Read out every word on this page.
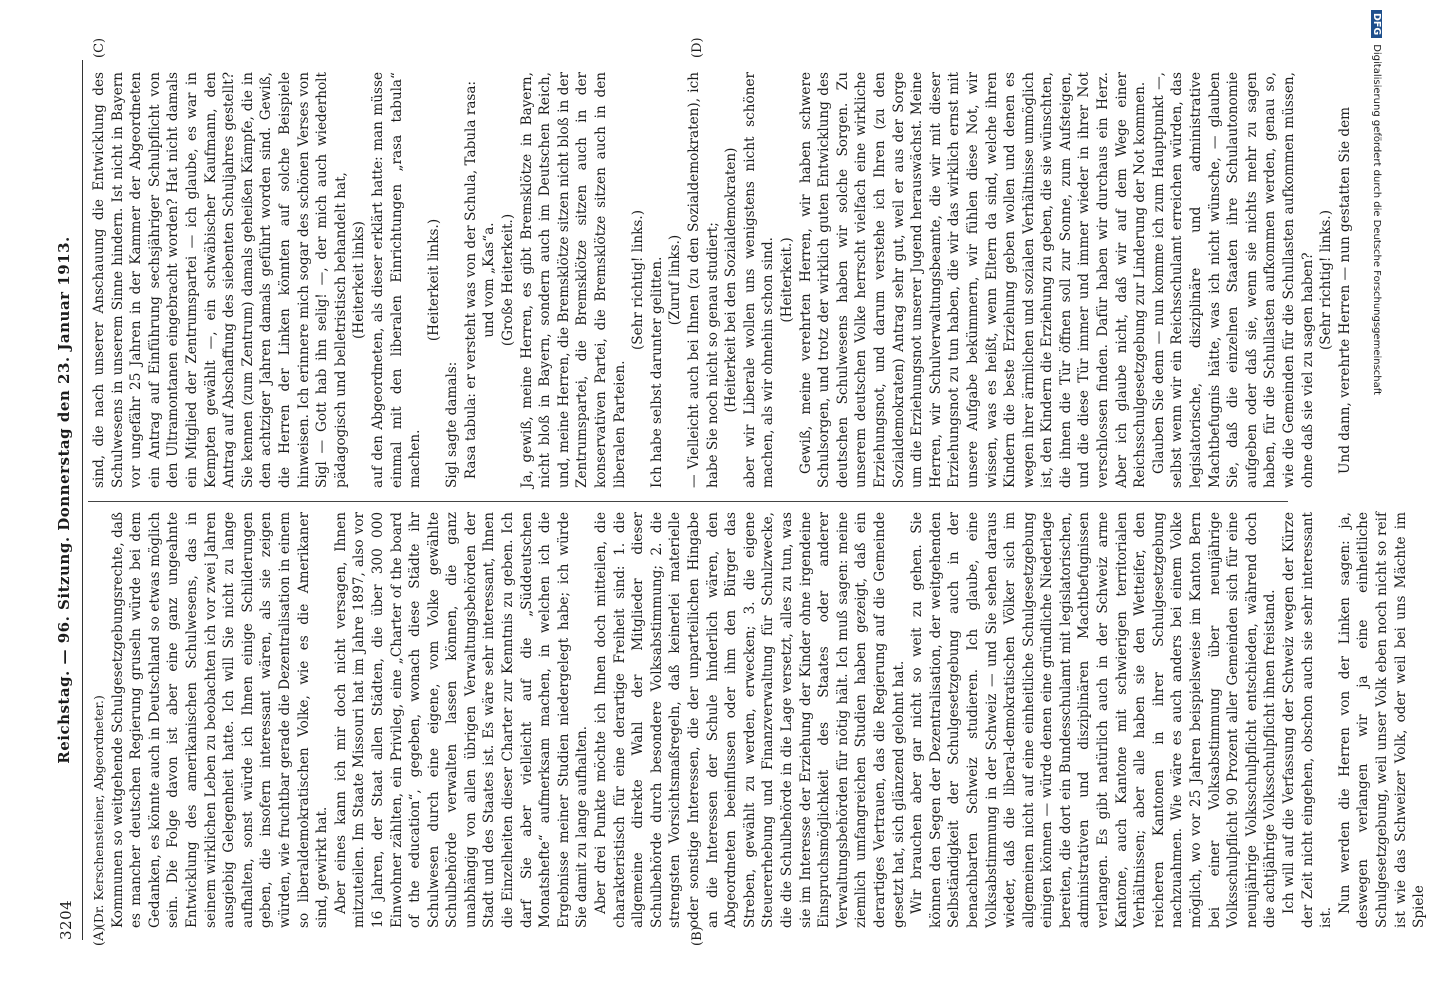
3204
Reichstag. — 96. Sitzung. Donnerstag den 23. Januar 1913.
(A)	(B)
(C)	(D)

(Dr. Kerschensteiner, Abgeordneter.) Kommunen so weitgehende Schulgesetzgebungsrechte, daß es mancher deutschen Regierung gruseln würde bei dem Gedanken, es könnte auch in Deutschland so etwas möglich sein. Die Folge davon ist aber eine ganz ungeahnte Entwicklung des amerikanischen Schulwesens, das in seinem wirklichen Leben zu beobachten ich vor zwei Jahren ausgiebig Gelegenheit hatte. Ich will Sie nicht zu lange aufhalten, sonst würde ich Ihnen einige Schilderungen geben, die insofern interessant wären, als sie zeigen würden, wie fruchtbar gerade die Dezentralisation in einem so liberaldemokratischen Volke, wie es die Amerikaner sind, gewirkt hat. Aber eines kann ich mir doch nicht versagen, Ihnen mitzuteilen. Im Staate Missouri hat im Jahre 1897, also vor 16 Jahren, der Staat allen Städten, die über 300 000 Einwohner zählten, ein Privileg, eine „Charter of the board of the education“, gegeben, wonach diese Städte ihr Schulwesen durch eine eigene, vom Volke gewählte Schulbehörde verwalten lassen können, die ganz unabhängig von allen übrigen Verwaltungsbehörden der Stadt und des Staates ist. Es wäre sehr interessant, Ihnen die Einzelheiten dieser Charter zur Kenntnis zu geben. Ich darf Sie aber vielleicht auf die „Süddeutschen Monatshefte“ aufmerksam machen, in welchen ich die Ergebnisse meiner Studien niedergelegt habe; ich würde Sie damit zu lange aufhalten. Aber drei Punkte möchte ich Ihnen doch mitteilen, die charakteristisch für eine derartige Freiheit sind: 1. die allgemeine direkte Wahl der Mitglieder dieser Schulbehörde durch besondere Volksabstimmung; 2. die strengsten Vorsichtsmaßregeln, daß keinerlei materielle oder sonstige Interessen, die der unparteilichen Hingabe an die Interessen der Schule hinderlich wären, den Abgeordneten beeinflussen oder ihm den Bürger das Streben, gewählt zu werden, erwecken; 3. die eigene Steuererhebung und Finanzverwaltung für Schulzwecke, die die Schulbehörde in die Lage versetzt, alles zu tun, was sie im Interesse der Erziehung der Kinder ohne irgendeine Einspruchsmöglichkeit des Staates oder anderer Verwaltungsbehörden für nötig hält. Ich muß sagen: meine ziemlich umfangreichen Studien haben gezeigt, daß ein derartiges Vertrauen, das die Regierung auf die Gemeinde gesetzt hat, sich glänzend gelohnt hat. Wir brauchen aber gar nicht so weit zu gehen. Sie können den Segen der Dezentralisation, der weitgehenden Selbständigkeit der Schulgesetzgebung auch in der benachbarten Schweiz studieren. Ich glaube, eine Volksabstimmung in der Schweiz — und Sie sehen daraus wieder, daß die liberal-demokratischen Völker sich im allgemeinen nicht auf eine einheitliche Schulgesetzgebung einigen können — würde denen eine gründliche Niederlage bereiten, die dort ein Bundesschulamt mit legislatorischen, administrativen und disziplinären Machtbefugnissen verlangen. Es gibt natürlich auch in der Schweiz arme Kantone, auch Kantone mit schwierigen territorialen Verhältnissen; aber alle haben sie den Wetteifer, den reicheren Kantonen in ihrer Schulgesetzgebung nachzuahmen. Wie wäre es auch anders bei einem Volke möglich, wo vor 25 Jahren beispielsweise im Kanton Bern bei einer Volksabstimmung über neunjährige Volksschulpflicht 90 Prozent aller Gemeinden sich für eine neunjährige Volksschulpflicht entschieden, während doch die achtjährige Volksschulpflicht ihnen freistand. Ich will auf die Verfassung der Schweiz wegen der Kürze der Zeit nicht eingehen, obschon auch sie sehr interessant ist.

Nun werden die Herren von der Linken sagen: ja, deswegen verlangen wir ja eine einheitliche Schulgesetzgebung, weil unser Volk eben noch nicht so reif ist wie das Schweizer Volk, oder weil bei uns Mächte im Spiele

sind, die nach unserer Anschauung die Entwicklung des Schulwesens in unserem Sinne hindern. Ist nicht in Bayern vor ungefähr 25 Jahren in der Kammer der Abgeordneten ein Antrag auf Einführung sechsjähriger Schulpflicht von den Ultramontanen eingebracht worden? Hat nicht damals ein Mitglied der Zentrumspartei — ich glaube, es war in Kempten gewählt —, ein schwäbischer Kaufmann, den Antrag auf Abschaffung des siebenten Schuljahres gestellt? Sie kennen (zum Zentrum) damals geheißen Kämpfe, die in den achtziger Jahren damals geführt worden sind. Gewiß, die Herren der Linken könnten auf solche Beispiele hinweisen. Ich erinnere mich sogar des schönen Verses von Sigl — Gott hab ihn selig! —, der mich auch wiederholt pädagogisch und belletristisch behandelt hat, (Heiterkeit links) auf den Abgeordneten, als dieser erklärt hatte: man müsse einmal mit den liberalen Einrichtungen „rasa tabula“ machen.

(Heiterkeit links.)

Sigl sagte damals: Rasa tabula: er versteht was von der Schula, Tabula rasa: und vom „Kas“a. (Große Heiterkeit.) Ja, gewiß, meine Herren, es gibt Bremsklötze in Bayern, nicht bloß in Bayern, sondern auch im Deutschen Reich, und, meine Herren, die Bremsklötze sitzen nicht bloß in der Zentrumspartei, die Bremsklötze sitzen auch in der konservativen Partei, die Bremsklötze sitzen auch in den liberalen Parteien.

(Sehr richtig! links.) Ich habe selbst darunter gelitten. (Zuruf links.) — Vielleicht auch bei Ihnen (zu den Sozialdemokraten), ich habe Sie noch nicht so genau studiert; (Heiterkeit bei den Sozialdemokraten) aber wir Liberale wollen uns wenigstens nicht schöner machen, als wir ohnehin schon sind. (Heiterkeit.) Gewiß, meine verehrten Herren, wir haben schwere Schulsorgen, und trotz der wirklich guten Entwicklung des deutschen Schulwesens haben wir solche Sorgen. Zu unserem deutschen Volke herrscht vielfach eine wirkliche Erziehungsnot, und darum verstehe ich Ihren (zu den Sozialdemokraten) Antrag sehr gut, weil er aus der Sorge um die Erziehungsnot unserer Jugend herauswächst. Meine Herren, wir Schulverwaltungsbeamte, die wir mit dieser Erziehungsnot zu tun haben, die wir das wirklich ernst mit unsere Aufgabe bekümmern, wir fühlen diese Not, wir wissen, was es heißt, wenn Eltern da sind, welche ihren Kindern die beste Erziehung geben wollen und denen es wegen ihrer ärmlichen und sozialen Verhältnisse unmöglich ist, den Kindern die Erziehung zu geben, die sie wünschten, die ihnen die Tür öffnen soll zur Sonne, zum Aufsteigen, und die diese Tür immer und immer wieder in ihrer Not verschlossen finden. Dafür haben wir durchaus ein Herz. Aber ich glaube nicht, daß wir auf dem Wege einer Reichsschulgesetzgebung zur Linderung der Not kommen. Glauben Sie denn — nun komme ich zum Hauptpunkt —, selbst wenn wir ein Reichsschulamt erreichen würden, das legislatorische, disziplinäre und administrative Machtbefugnis hätte, was ich nicht wünsche, — glauben Sie, daß die einzelnen Staaten ihre Schulautonomie aufgeben oder daß sie, wenn sie nichts mehr zu sagen haben, für die Schullasten aufkommen werden, genau so, wie die Gemeinden für die Schullasten aufkommen müssen, ohne daß sie viel zu sagen haben? (Sehr richtig! links.) Und dann, verehrte Herren — nun gestatten Sie dem

DFGDigitalisierung gefördert durch die Deutsche Forschungsgemeinschaft
